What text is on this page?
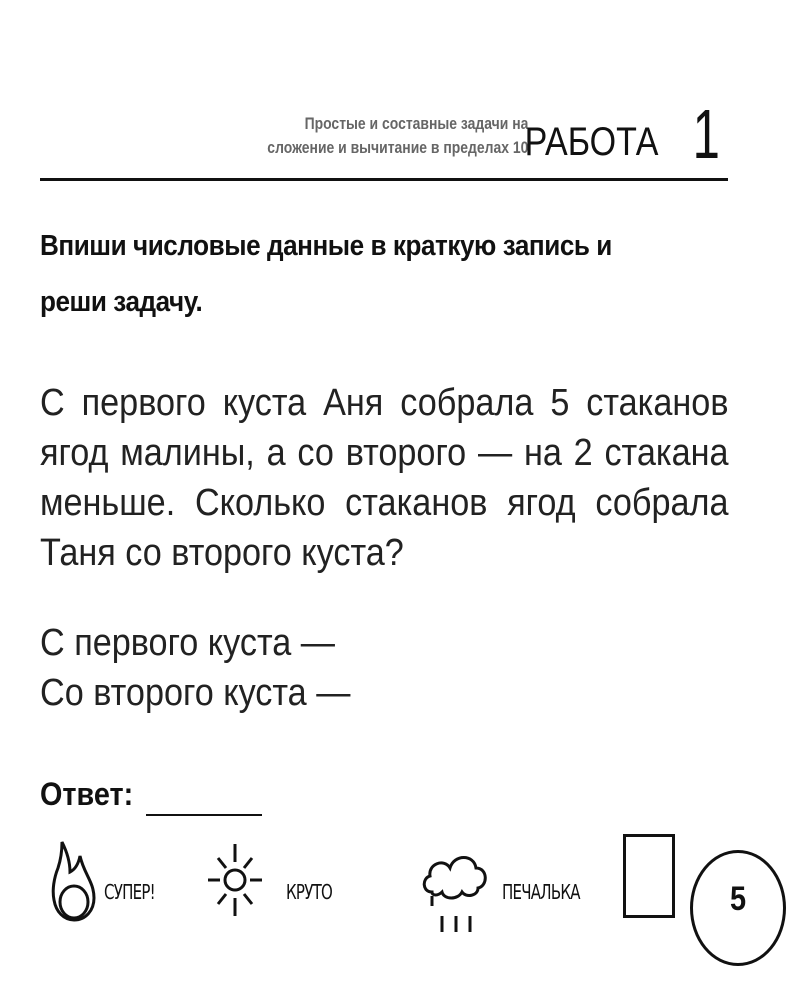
Простые и составные задачи на
сложение и вычитание в пределах 10
РАБОТА 1
Впиши числовые данные в краткую запись и реши задачу.
С первого куста Аня собрала 5 стаканов ягод малины, а со второго — на 2 стакана меньше. Сколько стаканов ягод собрала Таня со второго куста?
С первого куста —
Со второго куста —
Ответ:
СУПЕР!	КРУТО	ПЕЧАЛЬКА	5
